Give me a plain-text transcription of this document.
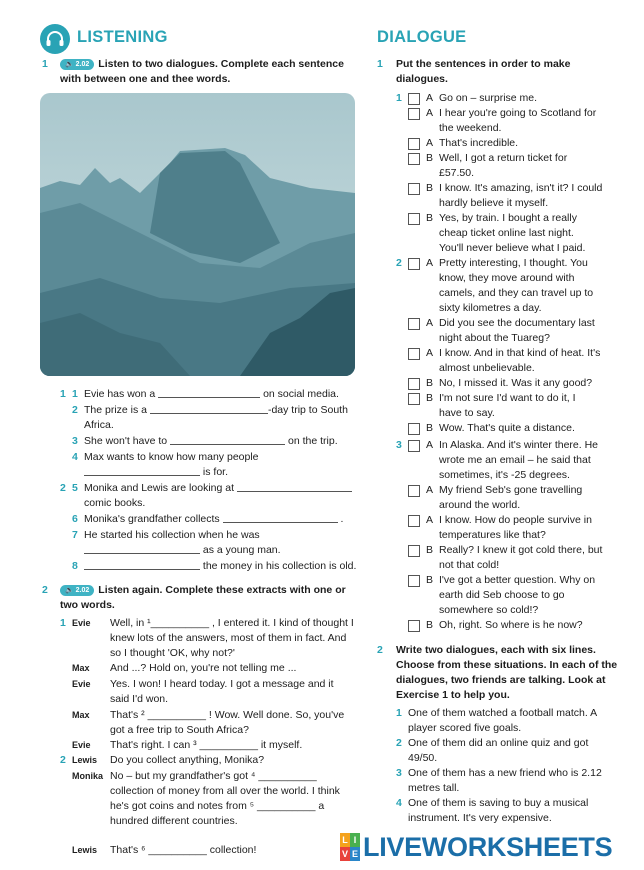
LISTENING
1	🔈 2.02 Listen to two dialogues. Complete each sentence with between one and thee words.
1 1 Evie has won a	on social media.
2 The prize is a	-day trip to South Africa.
3 She won't have to	on the trip.
4 Max wants to know how many people
is for.
2 5 Monika and Lewis are looking at
comic books.
6 Monika's grandfather collects	.
7 He started his collection when he was
as a young man.
8	the money in his collection is old.
2	🔈 2.02 Listen again. Complete these extracts with one or two words.
1 Evie Well, in ¹__________ , I entered it. I kind of thought I knew lots of the answers, most of them in fact. And so I thought 'OK, why not?'
Max And ...? Hold on, you're not telling me ...
Evie Yes. I won! I heard today. I got a message and it said I'd won.
Max That's ² __________ ! Wow. Well done. So, you've got a free trip to South Africa?
Evie That's right. I can ³ __________ it myself.
2 Lewis Do you collect anything, Monika?
Monika No – but my grandfather's got ⁴ __________ collection of money from all over the world. I think he's got coins and notes from ⁵ __________ a hundred different countries.
Lewis That's ⁶ __________ collection!
DIALOGUE
1 Put the sentences in order to make dialogues.
1 A Go on – surprise me.
A I hear you're going to Scotland for the weekend.
A That's incredible.
B Well, I got a return ticket for £57.50.
B I know. It's amazing, isn't it? I could hardly believe it myself.
B Yes, by train. I bought a really cheap ticket online last night. You'll never believe what I paid.
2 A Pretty interesting, I thought. You know, they move around with camels, and they can travel up to sixty kilometres a day.
A Did you see the documentary last night about the Tuareg?
A I know. And in that kind of heat. It's almost unbelievable.
B No, I missed it. Was it any good?
B I'm not sure I'd want to do it, I have to say.
B Wow. That's quite a distance.
3 A In Alaska. And it's winter there. He wrote me an email – he said that sometimes, it's -25 degrees.
A My friend Seb's gone travelling around the world.
A I know. How do people survive in temperatures like that?
B Really? I knew it got cold there, but not that cold!
B I've got a better question. Why on earth did Seb choose to go somewhere so cold!?
B Oh, right. So where is he now?
2 Write two dialogues, each with six lines. Choose from these situations. In each of the dialogues, two friends are talking. Look at Exercise 1 to help you.
1 One of them watched a football match. A player scored five goals.
2 One of them did an online quiz and got 49/50.
3 One of them has a new friend who is 2.12 metres tall.
4 One of them is saving to buy a musical instrument. It's very expensive.
L I
V E LIVEWORKSHEETS
